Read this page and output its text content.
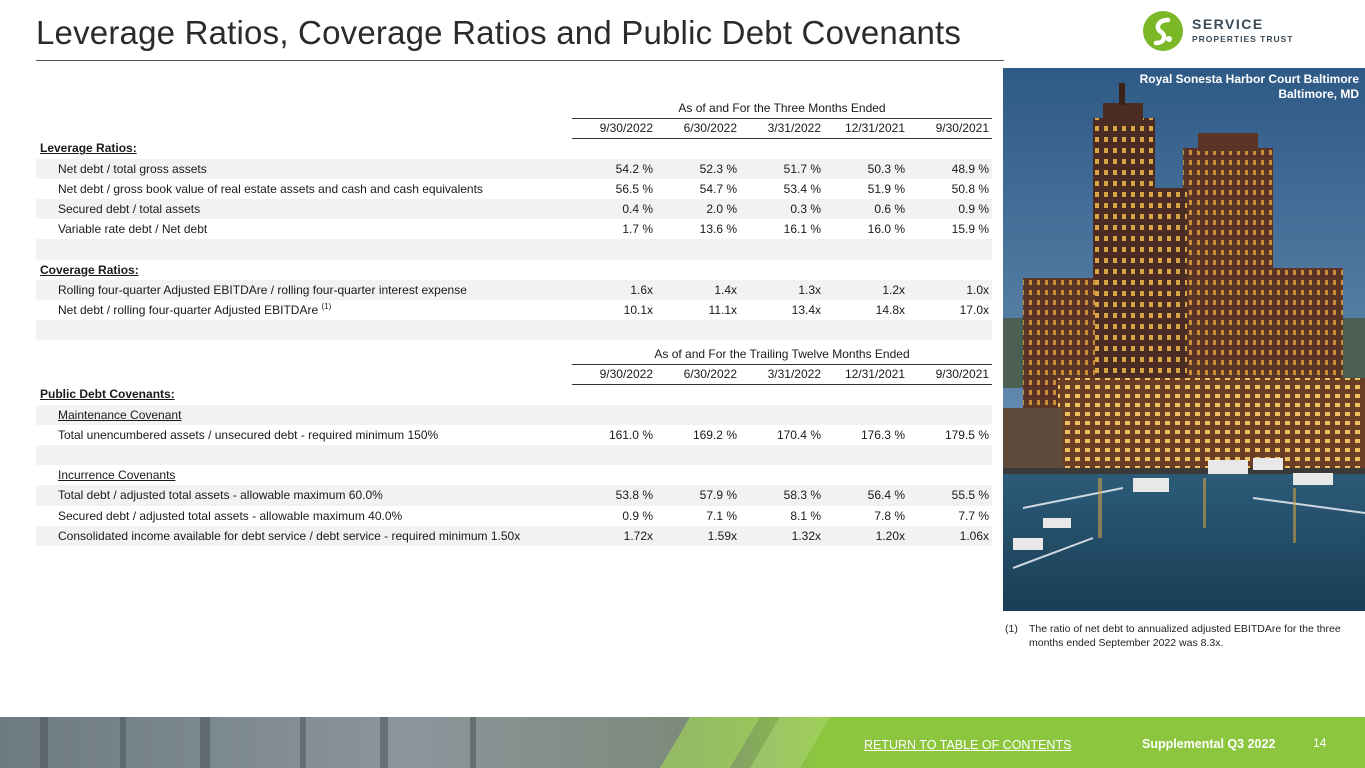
Leverage Ratios, Coverage Ratios and Public Debt Covenants	SERVICE
PROPERTIES TRUST
	As of and For the Three Months Ended				
	9/30/2022	6/30/2022	3/31/2022	12/31/2021	9/30/2021
Leverage Ratios:					
Net debt / total gross assets	54.2 %	52.3 %	51.7 %	50.3 %	48.9 %
Net debt / gross book value of real estate assets and cash and cash equivalents	56.5 %	54.7 %	53.4 %	51.9 %	50.8 %
Secured debt / total assets	0.4 %	2.0 %	0.3 %	0.6 %	0.9 %
Variable rate debt / Net debt	1.7 %	13.6 %	16.1 %	16.0 %	15.9 %

Coverage Ratios:					
Rolling four-quarter Adjusted EBITDAre / rolling four-quarter interest expense	1.6x	1.4x	1.3x	1.2x	1.0x
Net debt / rolling four-quarter Adjusted EBITDAre $^{(1)}$	10.1x	11.1x	13.4x	14.8x	17.0x

	As of and For the Trailing Twelve Months Ended				
	9/30/2022	6/30/2022	3/31/2022	12/31/2021	9/30/2021
Public Debt Covenants:					
Maintenance Covenant					
Total unencumbered assets / unsecured debt - required minimum 150%	161.0 %	169.2 %	170.4 %	176.3 %	179.5 %

Incurrence Covenants					
Total debt / adjusted total assets - allowable maximum 60.0%	53.8 %	57.9 %	58.3 %	56.4 %	55.5 %
Secured debt / adjusted total assets - allowable maximum 40.0%	0.9 %	7.1 %	8.1 %	7.8 %	7.7 %
Consolidated income available for debt service / debt service - required minimum 1.50x	1.72x	1.59x	1.32x	1.20x	1.06x
Royal Sonesta Harbor Court Baltimore
Baltimore, MD
(1) The ratio of net debt to annualized adjusted EBITDAre for the three months ended September 2022 was 8.3x.
RETURN TO TABLE OF CONTENTS	Supplemental Q3 2022	14
